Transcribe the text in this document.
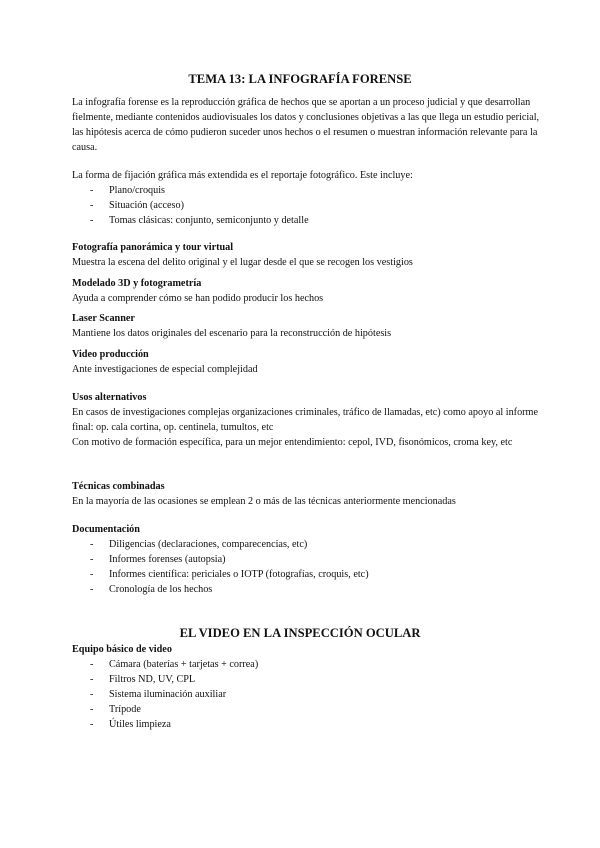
TEMA 13: LA INFOGRAFÍA FORENSE

La infografía forense es la reproducción gráfica de hechos que se aportan a un proceso judicial y que desarrollan fielmente, mediante contenidos audiovisuales los datos y conclusiones objetivas a las que llega un estudio pericial, las hipótesis acerca de cómo pudieron suceder unos hechos o el resumen o muestran información relevante para la causa.

La forma de fijación gráfica más extendida es el reportaje fotográfico. Este incluye:

- Plano/croquis
- Situación (acceso)
- Tomas clásicas: conjunto, semiconjunto y detalle

Fotografía panorámica y tour virtual

Muestra la escena del delito original y el lugar desde el que se recogen los vestigios

Modelado 3D y fotogrametría

Ayuda a comprender cómo se han podido producir los hechos

Laser Scanner

Mantiene los datos originales del escenario para la reconstrucción de hipótesis

Video producción

Ante investigaciones de especial complejidad

Usos alternativos

En casos de investigaciones complejas organizaciones criminales, tráfico de llamadas, etc) como apoyo al informe final: op. cala cortina, op. centinela, tumultos, etc

Con motivo de formación específica, para un mejor entendimiento: cepol, IVD, fisonómicos, croma key, etc

Técnicas combinadas

En la mayoría de las ocasiones se emplean 2 o más de las técnicas anteriormente mencionadas

Documentación

- Diligencias (declaraciones, comparecencias, etc)
- Informes forenses (autopsia)
- Informes científica: periciales o IOTP (fotografías, croquis, etc)
- Cronología de los hechos
EL VIDEO EN LA INSPECCIÓN OCULAR

Equipo básico de video

- Cámara (baterías + tarjetas + correa)
- Filtros ND, UV, CPL
- Sistema iluminación auxiliar
- Trípode
- Útiles limpieza
